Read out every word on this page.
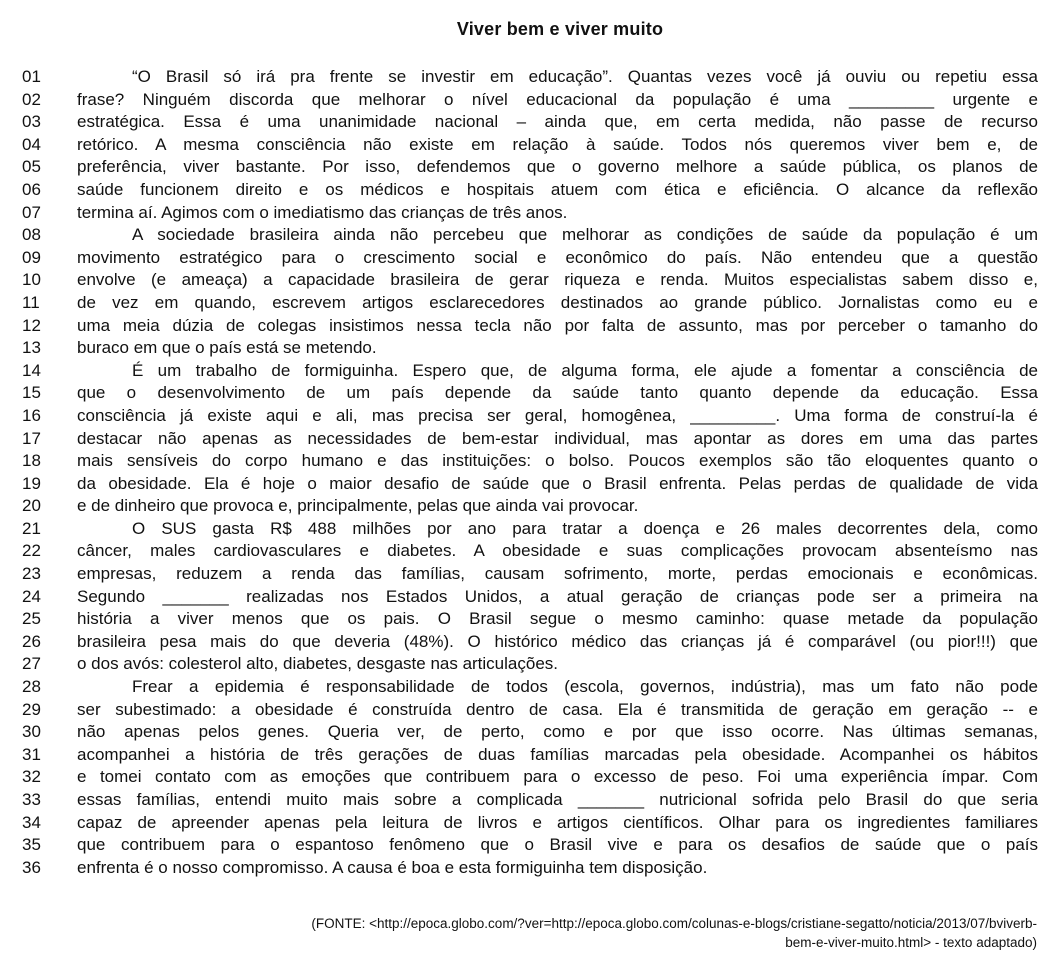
Viver bem e viver muito
01	“O Brasil só irá pra frente se investir em educação”. Quantas vezes você já ouviu ou repetiu essa
02	frase? Ninguém discorda que melhorar o nível educacional da população é uma _________ urgente e
03	estratégica. Essa é uma unanimidade nacional – ainda que, em certa medida, não passe de recurso
04	retórico. A mesma consciência não existe em relação à saúde. Todos nós queremos viver bem e, de
05	preferência, viver bastante. Por isso, defendemos que o governo melhore a saúde pública, os planos de
06	saúde funcionem direito e os médicos e hospitais atuem com ética e eficiência. O alcance da reflexão
07	termina aí. Agimos com o imediatismo das crianças de três anos.
08	A sociedade brasileira ainda não percebeu que melhorar as condições de saúde da população é um
09	movimento estratégico para o crescimento social e econômico do país. Não entendeu que a questão
10	envolve (e ameaça) a capacidade brasileira de gerar riqueza e renda. Muitos especialistas sabem disso e,
11	de vez em quando, escrevem artigos esclarecedores destinados ao grande público. Jornalistas como eu e
12	uma meia dúzia de colegas insistimos nessa tecla não por falta de assunto, mas por perceber o tamanho do
13	buraco em que o país está se metendo.
14	É um trabalho de formiguinha. Espero que, de alguma forma, ele ajude a fomentar a consciência de
15	que o desenvolvimento de um país depende da saúde tanto quanto depende da educação. Essa
16	consciência já existe aqui e ali, mas precisa ser geral, homogênea, _________. Uma forma de construí-la é
17	destacar não apenas as necessidades de bem-estar individual, mas apontar as dores em uma das partes
18	mais sensíveis do corpo humano e das instituições: o bolso. Poucos exemplos são tão eloquentes quanto o
19	da obesidade. Ela é hoje o maior desafio de saúde que o Brasil enfrenta. Pelas perdas de qualidade de vida
20	e de dinheiro que provoca e, principalmente, pelas que ainda vai provocar.
21	O SUS gasta R$ 488 milhões por ano para tratar a doença e 26 males decorrentes dela, como
22	câncer, males cardiovasculares e diabetes. A obesidade e suas complicações provocam absenteísmo nas
23	empresas, reduzem a renda das famílias, causam sofrimento, morte, perdas emocionais e econômicas.
24	Segundo _______ realizadas nos Estados Unidos, a atual geração de crianças pode ser a primeira na
25	história a viver menos que os pais. O Brasil segue o mesmo caminho: quase metade da população
26	brasileira pesa mais do que deveria (48%). O histórico médico das crianças já é comparável (ou pior!!!) que
27	o dos avós: colesterol alto, diabetes, desgaste nas articulações.
28	Frear a epidemia é responsabilidade de todos (escola, governos, indústria), mas um fato não pode
29	ser subestimado: a obesidade é construída dentro de casa. Ela é transmitida de geração em geração -- e
30	não apenas pelos genes. Queria ver, de perto, como e por que isso ocorre. Nas últimas semanas,
31	acompanhei a história de três gerações de duas famílias marcadas pela obesidade. Acompanhei os hábitos
32	e tomei contato com as emoções que contribuem para o excesso de peso. Foi uma experiência ímpar. Com
33	essas famílias, entendi muito mais sobre a complicada _______ nutricional sofrida pelo Brasil do que seria
34	capaz de apreender apenas pela leitura de livros e artigos científicos. Olhar para os ingredientes familiares
35	que contribuem para o espantoso fenômeno que o Brasil vive e para os desafios de saúde que o país
36	enfrenta é o nosso compromisso. A causa é boa e esta formiguinha tem disposição.
(FONTE: <http://epoca.globo.com/?ver=http://epoca.globo.com/colunas-e-blogs/cristiane-segatto/noticia/2013/07/bviverb-
bem-e-viver-muito.html> - texto adaptado)
